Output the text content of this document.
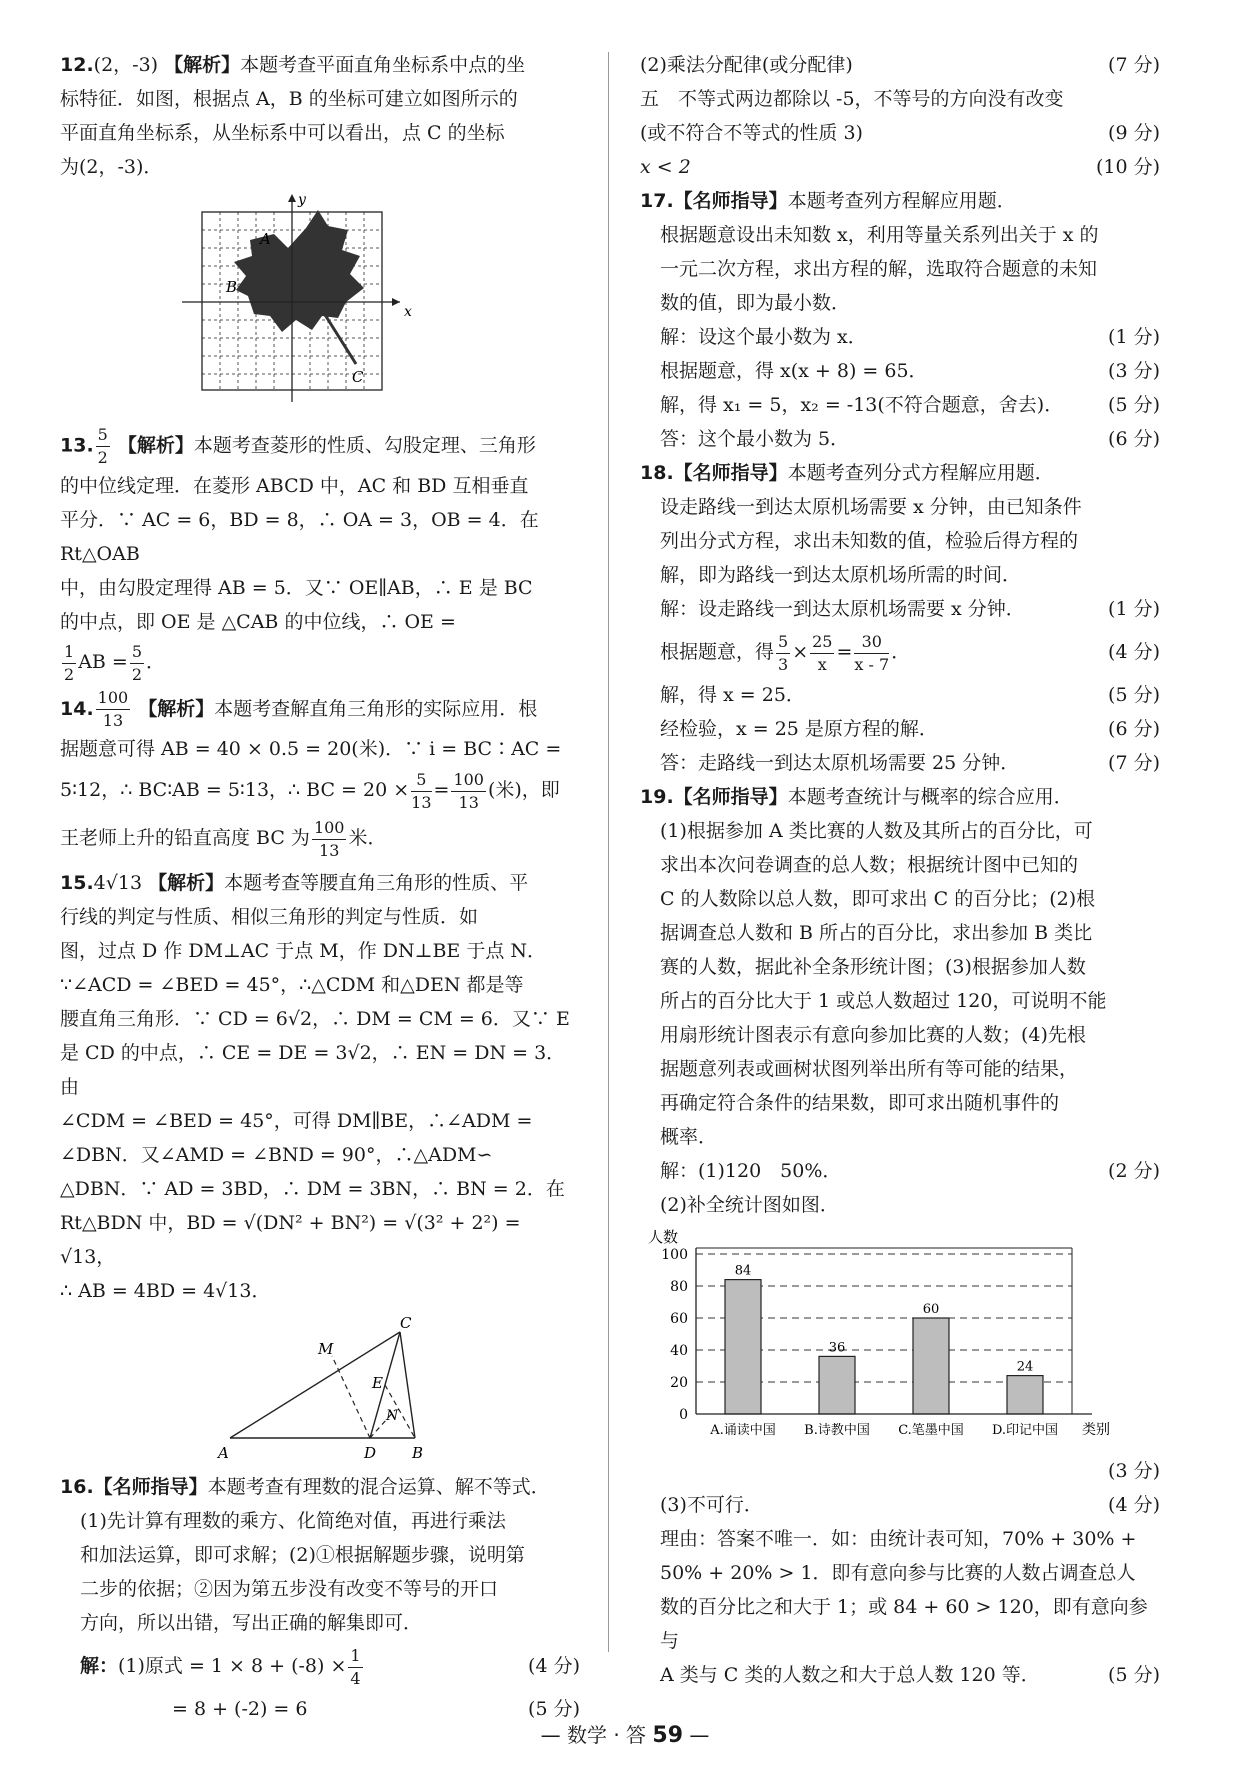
12.(2，-3) 【解析】本题考查平面直角坐标系中点的坐

标特征．如图，根据点 A，B 的坐标可建立如图所示的

平面直角坐标系，从坐标系中可以看出，点 C 的坐标

为(2，-3)．

x
y
A
B
C

13. $\frac{5}{2}$ 【解析】本题考查菱形的性质、勾股定理、三角形

的中位线定理．在菱形 ABCD 中，AC 和 BD 互相垂直

平分．∵ AC = 6，BD = 8，∴ OA = 3，OB = 4．在Rt△OAB

中，由勾股定理得 AB = 5．又∵ OE∥AB，∴ E 是 BC

的中点，即 OE 是 △CAB 的中位线，∴ OE =

$\frac{1}{2}$ AB = $\frac{5}{2}$ ．

14. $\frac{100}{13}$ 【解析】本题考查解直角三角形的实际应用．根

据题意可得 AB = 40 × 0.5 = 20(米)．∵ i = BC∶AC =

5∶12，∴ BC∶AB = 5∶13，∴ BC = $20 \times \frac{5}{13} = \frac{100}{13}$ (米)，即

王老师上升的铅直高度 BC 为 $\frac{100}{13}$ 米．

15.4√13 【解析】本题考查等腰直角三角形的性质、平

行线的判定与性质、相似三角形的判定与性质．如

图，过点 D 作 DM⊥AC 于点 M，作 DN⊥BE 于点 N．

∵∠ACD = ∠BED = 45°，∴△CDM 和△DEN 都是等

腰直角三角形．∵ CD = 6√2，∴ DM = CM = 6．又∵ E

是 CD 的中点，∴ CE = DE = 3√2，∴ EN = DN = 3．由

∠CDM = ∠BED = 45°，可得 DM∥BE，∴∠ADM =

∠DBN．又∠AMD = ∠BND = 90°，∴△ADM∽

△DBN．∵ AD = 3BD，∴ DM = 3BN，∴ BN = 2．在

Rt△BDN 中，BD = √(DN² + BN²) = √(3² + 2²) = √13，

∴ AB = 4BD = 4√13．

A	B
C
D
E
M
N

16.【名师指导】本题考查有理数的混合运算、解不等式．

(1)先计算有理数的乘方、化简绝对值，再进行乘法

和加法运算，即可求解；(2)①根据解题步骤，说明第

二步的依据；②因为第五步没有改变不等号的开口

方向，所以出错，写出正确的解集即可．

解：(1)原式 = $1 \times 8 + (-8) \times \frac{1}{4}$	(4 分)
= 8 + (-2) = 6	(5 分)
(2)乘法分配律(或分配律)	(7 分)
五　不等式两边都除以 -5，不等号的方向没有改变
(或不符合不等式的性质 3)	(9 分)
x < 2	(10 分)

17.【名师指导】本题考查列方程解应用题．

根据题意设出未知数 x，利用等量关系列出关于 x 的

一元二次方程，求出方程的解，选取符合题意的未知

数的值，即为最小数．

解：设这个最小数为 x．	(1 分)
根据题意，得 x(x + 8) = 65．	(3 分)
解，得 x₁ = 5，x₂ = -13(不符合题意，舍去)． (5 分)
答：这个最小数为 5．	(6 分)

18.【名师指导】本题考查列分式方程解应用题．

设走路线一到达太原机场需要 x 分钟，由已知条件

列出分式方程，求出未知数的值，检验后得方程的

解，即为路线一到达太原机场所需的时间．

解：设走路线一到达太原机场需要 x 分钟．	(1 分)
根据题意，得 $\frac{5}{3} \times \frac{25}{x} = \frac{30}{x - 7}$ ．	(4 分)
解，得 x = 25．	(5 分)
经检验，x = 25 是原方程的解．	(6 分)
答：走路线一到达太原机场需要 25 分钟．	(7 分)

19.【名师指导】本题考查统计与概率的综合应用．

(1)根据参加 A 类比赛的人数及其所占的百分比，可

求出本次问卷调查的总人数；根据统计图中已知的

C 的人数除以总人数，即可求出 C 的百分比；(2)根

据调查总人数和 B 所占的百分比，求出参加 B 类比

赛的人数，据此补全条形统计图；(3)根据参加人数

所占的百分比大于 1 或总人数超过 120，可说明不能

用扇形统计图表示有意向参加比赛的人数；(4)先根

据题意列表或画树状图列举出所有等可能的结果，

再确定符合条件的结果数，即可求出随机事件的

概率．

解：(1)120　50%．	(2 分)

(2)补全统计图如图．

人数
类别
84
36
60
24
0
20
40
60
80
100
A.诵读中国 B.诗教中国 C.笔墨中国 D.印记中国
(3 分)
(3)不可行．	(4 分)

理由：答案不唯一．如：由统计表可知，70% + 30% +

50% + 20% > 1．即有意向参与比赛的人数占调查总人

数的百分比之和大于 1；或 84 + 60 > 120，即有意向参与

A 类与 C 类的人数之和大于总人数 120 等．	(5 分)
— 数学 · 答 59 —
